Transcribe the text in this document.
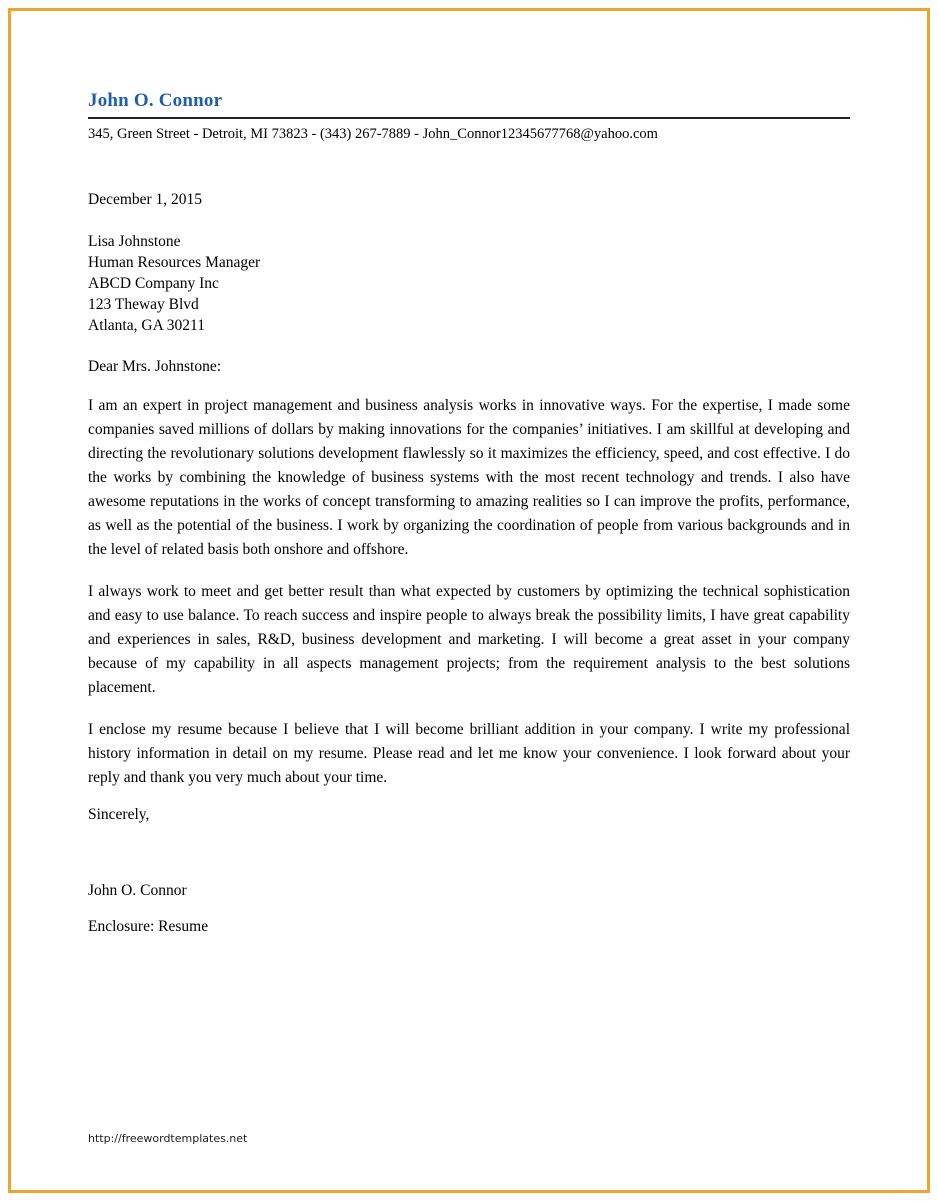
John O. Connor
345, Green Street - Detroit, MI 73823 - (343) 267-7889 - John_Connor12345677768@yahoo.com
December 1, 2015
Lisa Johnstone
Human Resources Manager
ABCD Company Inc
123 Theway Blvd
Atlanta, GA 30211
Dear Mrs. Johnstone:

I am an expert in project management and business analysis works in innovative ways. For the expertise, I made some companies saved millions of dollars by making innovations for the companies’ initiatives. I am skillful at developing and directing the revolutionary solutions development flawlessly so it maximizes the efficiency, speed, and cost effective. I do the works by combining the knowledge of business systems with the most recent technology and trends. I also have awesome reputations in the works of concept transforming to amazing realities so I can improve the profits, performance, as well as the potential of the business. I work by organizing the coordination of people from various backgrounds and in the level of related basis both onshore and offshore.

I always work to meet and get better result than what expected by customers by optimizing the technical sophistication and easy to use balance. To reach success and inspire people to always break the possibility limits, I have great capability and experiences in sales, R&D, business development and marketing. I will become a great asset in your company because of my capability in all aspects management projects; from the requirement analysis to the best solutions placement.

I enclose my resume because I believe that I will become brilliant addition in your company. I write my professional history information in detail on my resume. Please read and let me know your convenience. I look forward about your reply and thank you very much about your time.

Sincerely,
John O. Connor
Enclosure: Resume
http://freewordtemplates.net
